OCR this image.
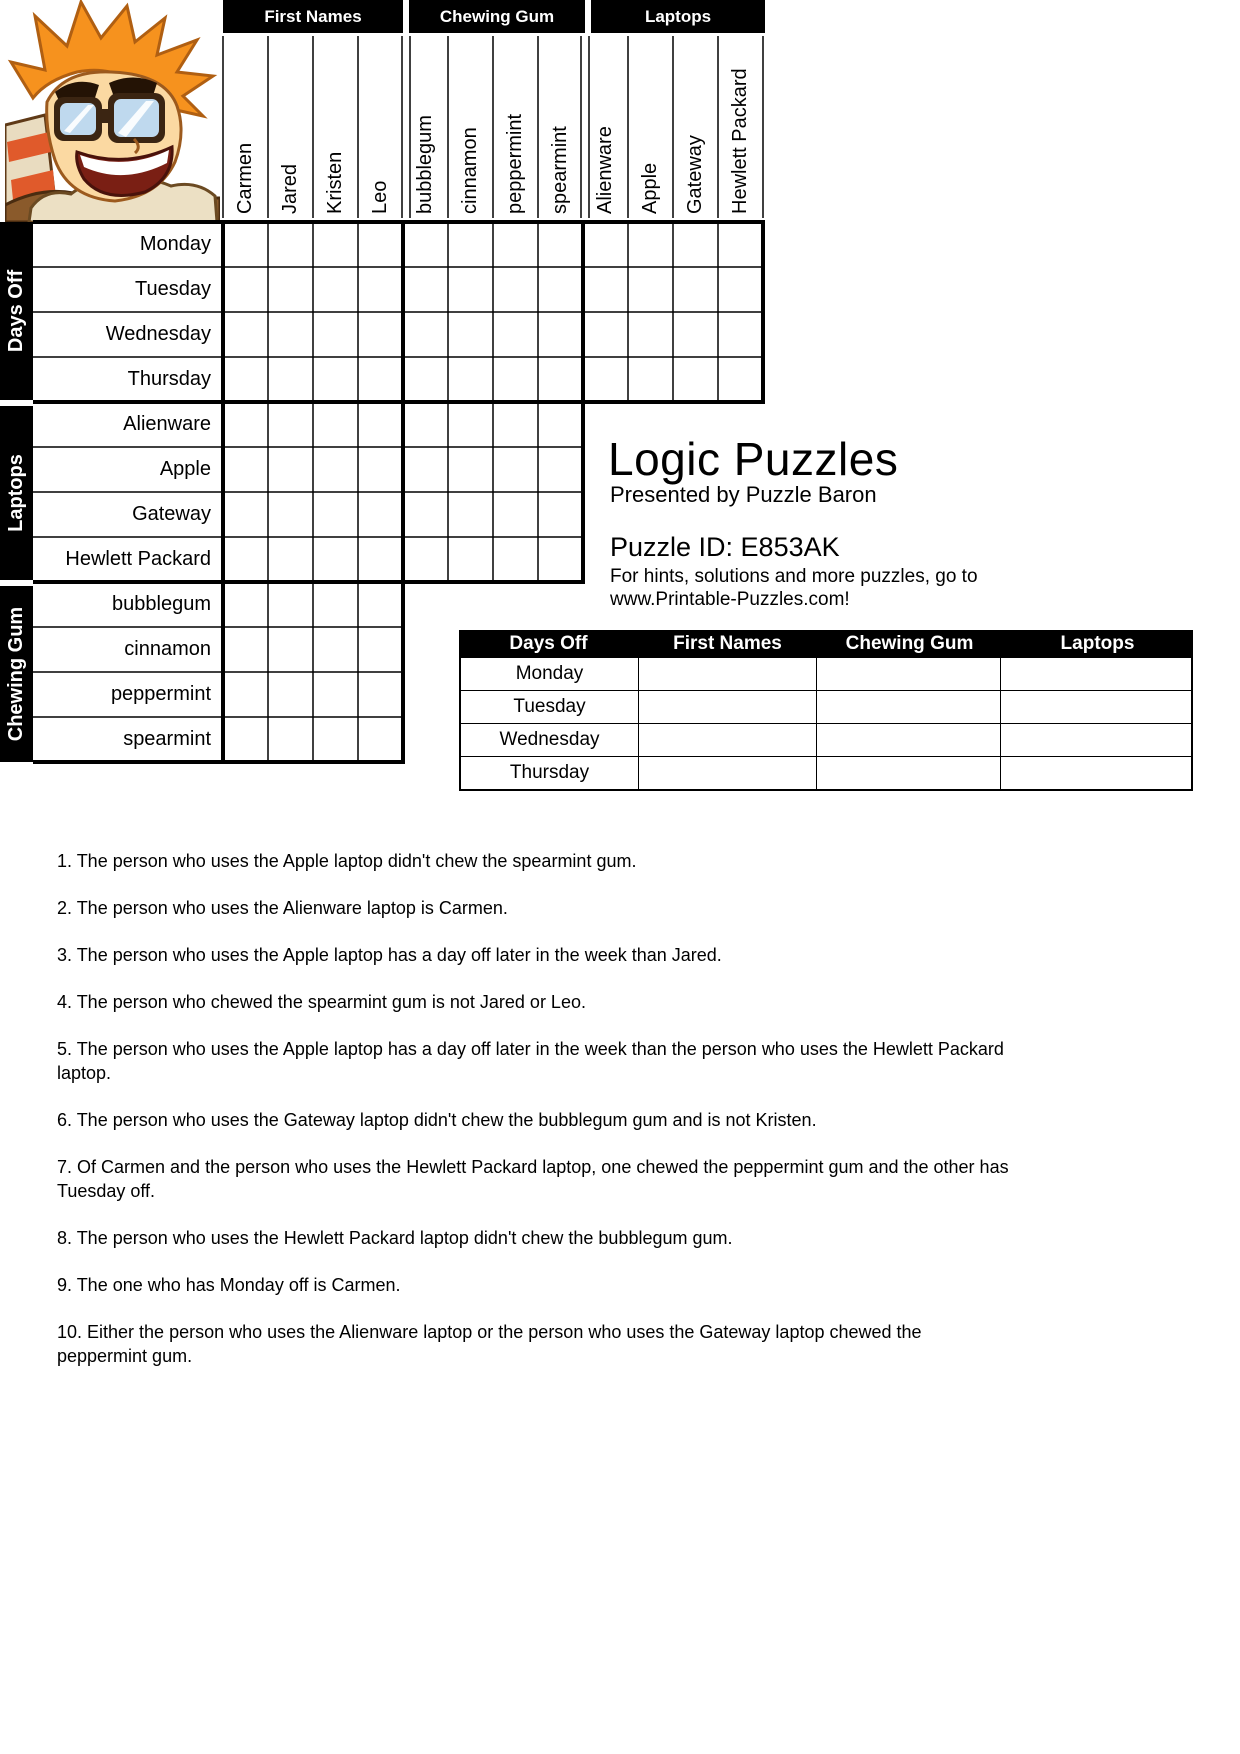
First Names	Chewing Gum	Laptops
Carmen	Jared	Kristen	Leo	bubblegum	cinnamon	peppermint	spearmint	Alienware	Apple	Gateway	Hewlett Packard
Days Off
Laptops
Chewing Gum
Monday
Tuesday
Wednesday
Thursday
Alienware
Apple
Gateway
Hewlett Packard
bubblegum
cinnamon
peppermint
spearmint
Logic Puzzles
Presented by Puzzle Baron
Puzzle ID: E853AK
For hints, solutions and more puzzles, go to
www.Printable-Puzzles.com!
Days Off	First Names	Chewing Gum	Laptops
Monday
Tuesday
Wednesday
Thursday
1. The person who uses the Apple laptop didn't chew the spearmint gum.
2. The person who uses the Alienware laptop is Carmen.
3. The person who uses the Apple laptop has a day off later in the week than Jared.
4. The person who chewed the spearmint gum is not Jared or Leo.
5. The person who uses the Apple laptop has a day off later in the week than the person who uses the Hewlett Packard
laptop.
6. The person who uses the Gateway laptop didn't chew the bubblegum gum and is not Kristen.
7. Of Carmen and the person who uses the Hewlett Packard laptop, one chewed the peppermint gum and the other has
Tuesday off.
8. The person who uses the Hewlett Packard laptop didn't chew the bubblegum gum.
9. The one who has Monday off is Carmen.
10. Either the person who uses the Alienware laptop or the person who uses the Gateway laptop chewed the
peppermint gum.
